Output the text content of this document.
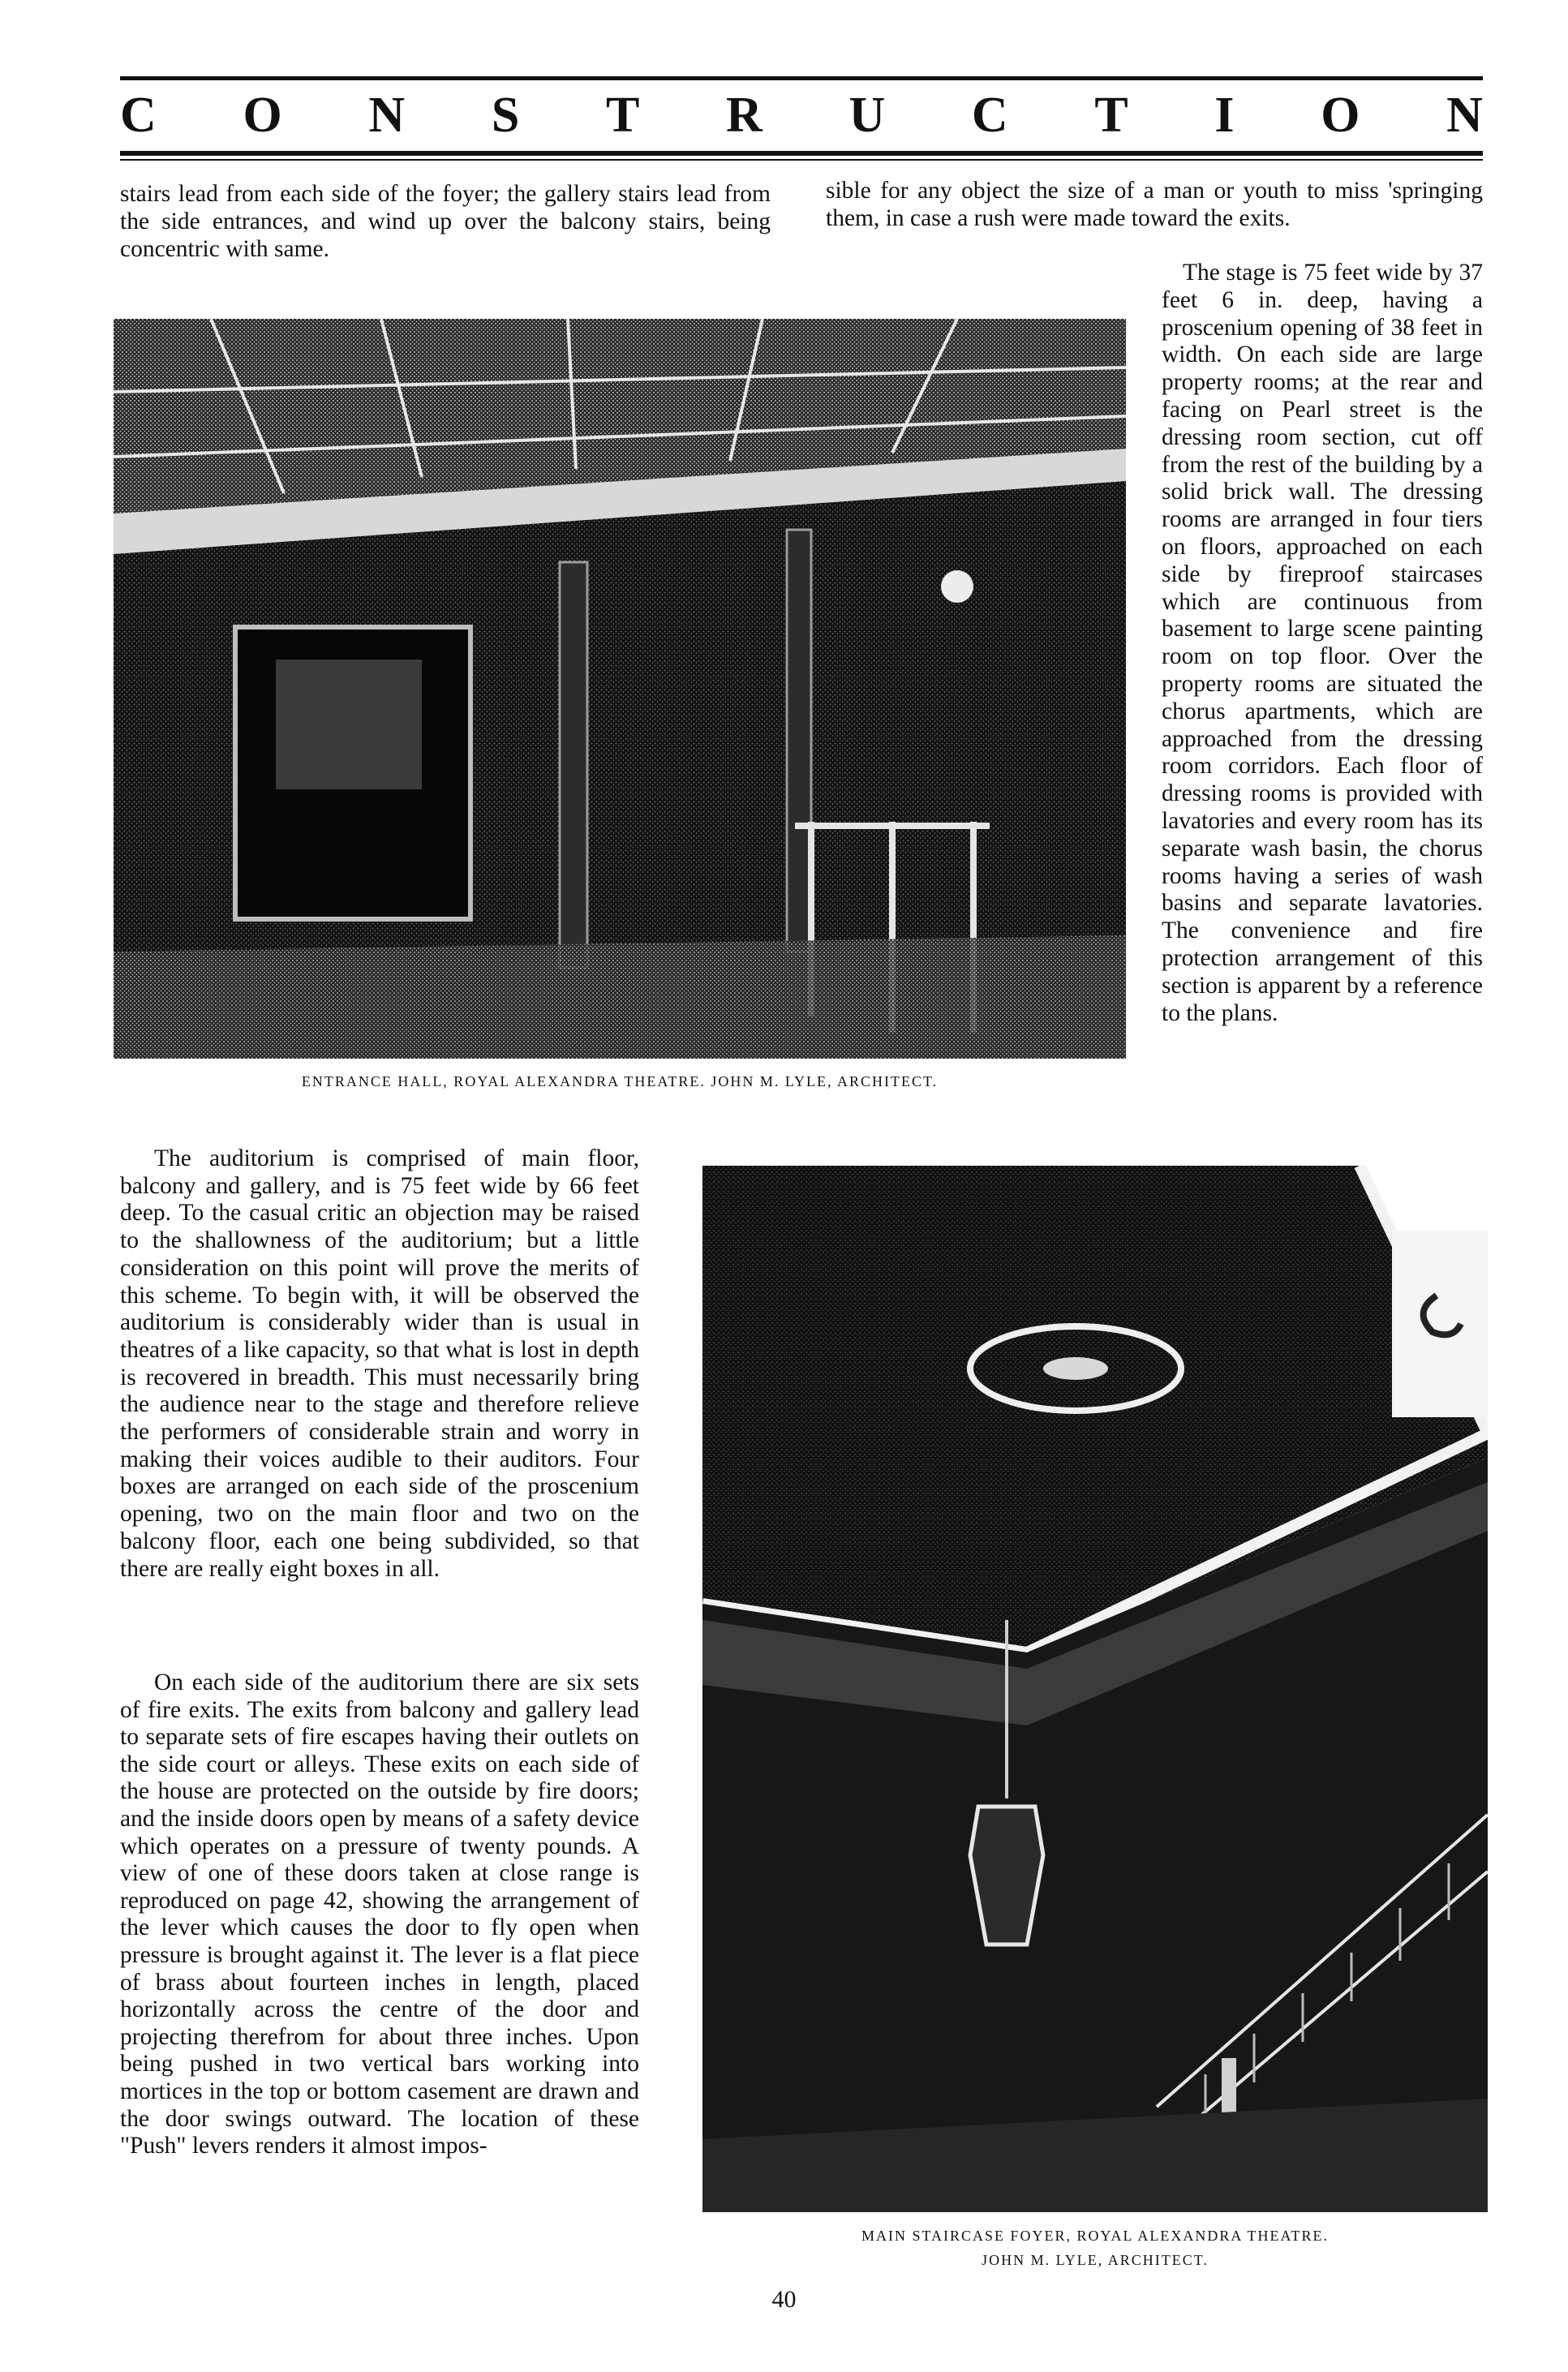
C O N S T R U C T I O N

stairs lead from each side of the foyer; the gallery stairs lead from the side entrances, and wind up over the balcony stairs, being concentric with same.

sible for any object the size of a man or youth to miss 'springing them, in case a rush were made toward the exits.

ENTRANCE HALL, ROYAL ALEXANDRA THEATRE. JOHN M. LYLE, ARCHITECT.

The stage is 75 feet wide by 37 feet 6 in. deep, having a proscenium opening of 38 feet in width. On each side are large property rooms; at the rear and facing on Pearl street is the dressing room section, cut off from the rest of the building by a solid brick wall. The dressing rooms are arranged in four tiers on floors, approached on each side by fireproof staircases which are continuous from basement to large scene painting room on top floor. Over the property rooms are situated the chorus apartments, which are approached from the dressing room corridors. Each floor of dressing rooms is provided with lavatories and every room has its separate wash basin, the chorus rooms having a series of wash basins and separate lavatories. The convenience and fire protection arrangement of this section is apparent by a reference to the plans.

The auditorium is comprised of main floor, balcony and gallery, and is 75 feet wide by 66 feet deep. To the casual critic an objection may be raised to the shallowness of the auditorium; but a little consideration on this point will prove the merits of this scheme. To begin with, it will be observed the auditorium is considerably wider than is usual in theatres of a like capacity, so that what is lost in depth is recovered in breadth. This must necessarily bring the audience near to the stage and therefore relieve the performers of considerable strain and worry in making their voices audible to their auditors. Four boxes are arranged on each side of the proscenium opening, two on the main floor and two on the balcony floor, each one being subdivided, so that there are really eight boxes in all.

On each side of the auditorium there are six sets of fire exits. The exits from balcony and gallery lead to separate sets of fire escapes having their outlets on the side court or alleys. These exits on each side of the house are protected on the outside by fire doors; and the inside doors open by means of a safety device which operates on a pressure of twenty pounds. A view of one of these doors taken at close range is reproduced on page 42, showing the arrangement of the lever which causes the door to fly open when pressure is brought against it. The lever is a flat piece of brass about fourteen inches in length, placed horizontally across the centre of the door and projecting therefrom for about three inches. Upon being pushed in two vertical bars working into mortices in the top or bottom casement are drawn and the door swings outward. The location of these "Push" levers renders it almost impos-

MAIN STAIRCASE FOYER, ROYAL ALEXANDRA THEATRE.
JOHN M. LYLE, ARCHITECT.
40
